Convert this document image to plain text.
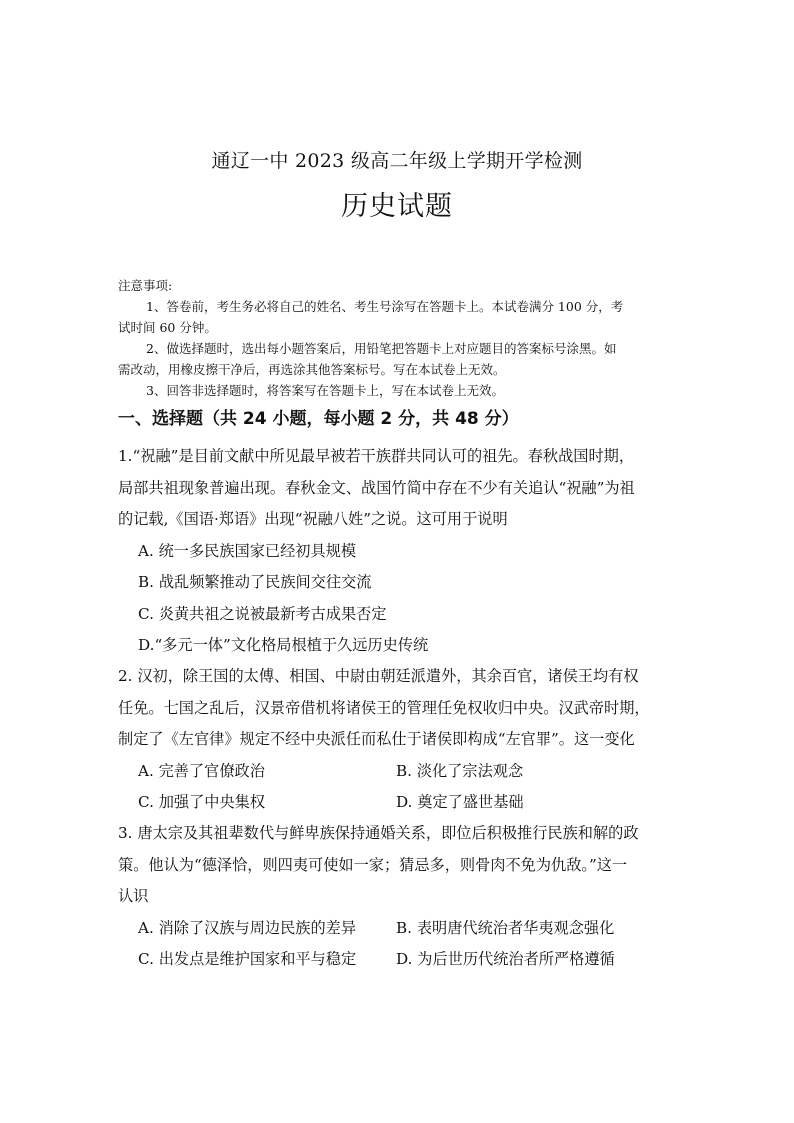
通辽一中 2023 级高二年级上学期开学检测
历史试题
注意事项:
1、答卷前，考生务必将自己的姓名、考生号涂写在答题卡上。本试卷满分 100 分，考
试时间 60 分钟。
2、做选择题时，选出每小题答案后，用铅笔把答题卡上对应题目的答案标号涂黑。如
需改动，用橡皮擦干净后，再选涂其他答案标号。写在本试卷上无效。
3、回答非选择题时，将答案写在答题卡上，写在本试卷上无效。
一、选择题（共 24 小题，每小题 2 分，共 48 分）
1.“祝融”是目前文献中所见最早被若干族群共同认可的祖先。春秋战国时期，
局部共祖现象普遍出现。春秋金文、战国竹简中存在不少有关追认“祝融”为祖
的记载,《国语·郑语》出现“祝融八姓”之说。这可用于说明
A. 统一多民族国家已经初具规模
B. 战乱频繁推动了民族间交往交流
C. 炎黄共祖之说被最新考古成果否定
D.“多元一体”文化格局根植于久远历史传统
2. 汉初，除王国的太傅、相国、中尉由朝廷派遣外，其余百官，诸侯王均有权
任免。七国之乱后，汉景帝借机将诸侯王的管理任免权收归中央。汉武帝时期，
制定了《左官律》规定不经中央派任而私仕于诸侯即构成“左官罪”。这一变化
A. 完善了官僚政治	B. 淡化了宗法观念
C. 加强了中央集权	D. 奠定了盛世基础
3. 唐太宗及其祖辈数代与鲜卑族保持通婚关系，即位后积极推行民族和解的政
策。他认为“德泽恰，则四夷可使如一家；猜忌多，则骨肉不免为仇敌。”这一
认识
A. 消除了汉族与周边民族的差异	B. 表明唐代统治者华夷观念强化
C. 出发点是维护国家和平与稳定	D. 为后世历代统治者所严格遵循
